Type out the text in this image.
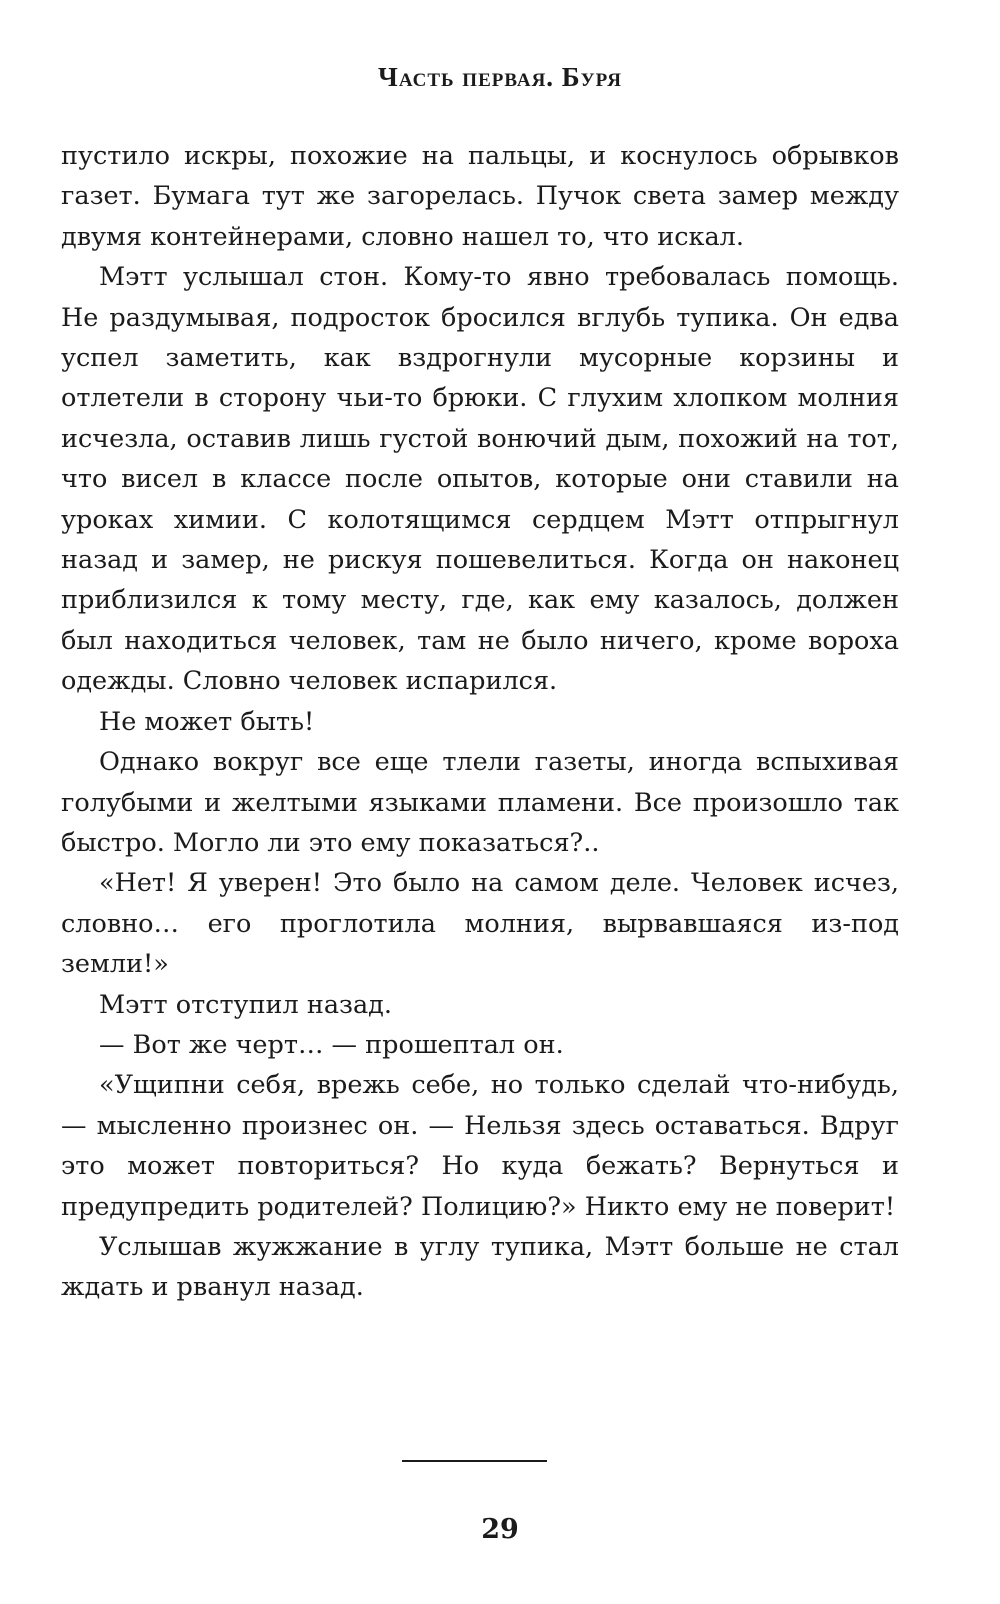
Часть первая. Буря

пустило искры, похожие на пальцы, и коснулось обрывков газет. Бумага тут же загорелась. Пучок света замер между двумя контейнерами, словно нашел то, что искал.

Мэтт услышал стон. Кому-то явно требовалась помощь. Не раздумывая, подросток бросился вглубь тупика. Он едва успел заметить, как вздрогнули мусорные корзины и отлетели в сторону чьи-то брюки. С глухим хлопком молния исчезла, оставив лишь густой вонючий дым, похожий на тот, что висел в классе после опытов, которые они ставили на уроках химии. С колотящимся сердцем Мэтт отпрыгнул назад и замер, не рискуя пошевелиться. Когда он наконец приблизился к тому месту, где, как ему казалось, должен был находиться человек, там не было ничего, кроме вороха одежды. Словно человек испарился.

Не может быть!

Однако вокруг все еще тлели газеты, иногда вспыхивая голубыми и желтыми языками пламени. Все произошло так быстро. Могло ли это ему показаться?..

«Нет! Я уверен! Это было на самом деле. Человек исчез, словно… его проглотила молния, вырвавшаяся из-под земли!»

Мэтт отступил назад.

— Вот же черт… — прошептал он.

«Ущипни себя, врежь себе, но только сделай что-нибудь, — мысленно произнес он. — Нельзя здесь оставаться. Вдруг это может повториться? Но куда бежать? Вернуться и предупредить родителей? Полицию?» Никто ему не поверит!

Услышав жужжание в углу тупика, Мэтт больше не стал ждать и рванул назад.

29
